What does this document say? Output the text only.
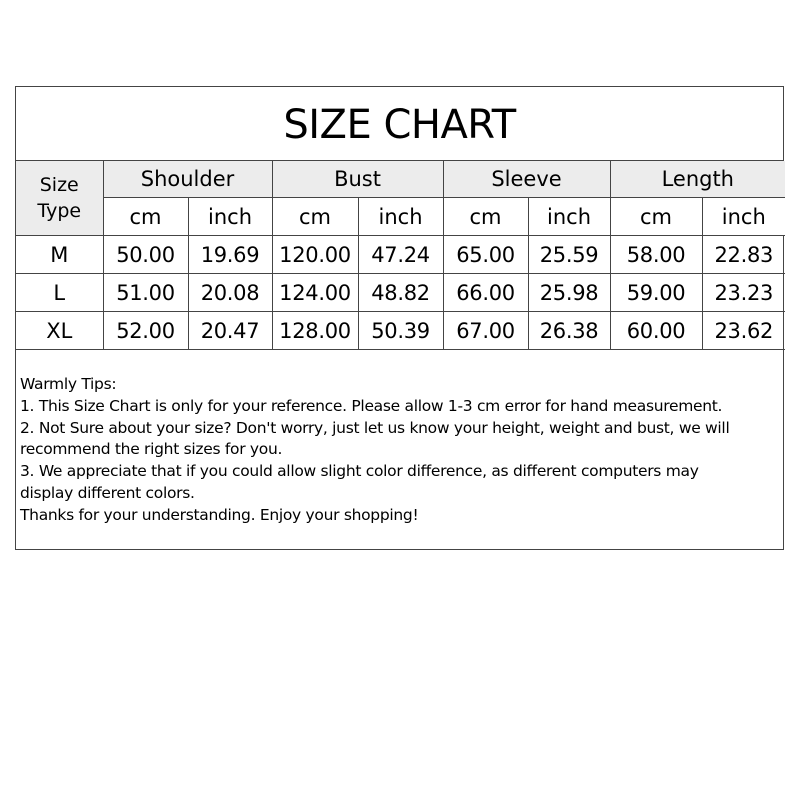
SIZE CHART
Size
Type	Shoulder		Bust		Sleeve		Length	
	cm	inch	cm	inch	cm	inch	cm	inch
M	50.00	19.69	120.00	47.24	65.00	25.59	58.00	22.83
L	51.00	20.08	124.00	48.82	66.00	25.98	59.00	23.23
XL	52.00	20.47	128.00	50.39	67.00	26.38	60.00	23.62

Warmly Tips:

1. This Size Chart is only for your reference. Please allow 1-3 cm error for hand measurement.

2. Not Sure about your size? Don't worry, just let us know your height, weight and bust, we will

recommend the right sizes for you.

3. We appreciate that if you could allow slight color difference, as different computers may

display different colors.

Thanks for your understanding. Enjoy your shopping!
